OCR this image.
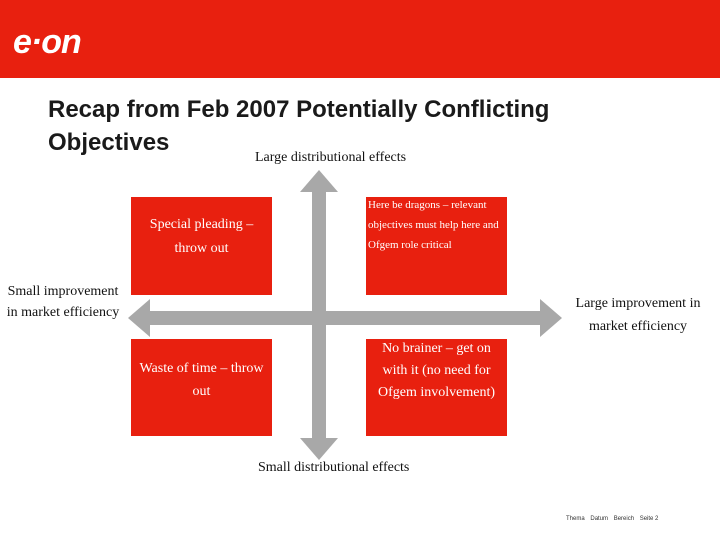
e·on
Recap from Feb 2007 Potentially Conflicting Objectives
Large distributional effects
Small distributional effects
Small improvement in market efficiency
Large improvement in market efficiency
Special pleading – throw out
Here be dragons – relevant objectives must help here and Ofgem role critical
Waste of time – throw out
No brainer – get on with it (no need for Ofgem involvement)
Thema Datum Bereich Seite 2
